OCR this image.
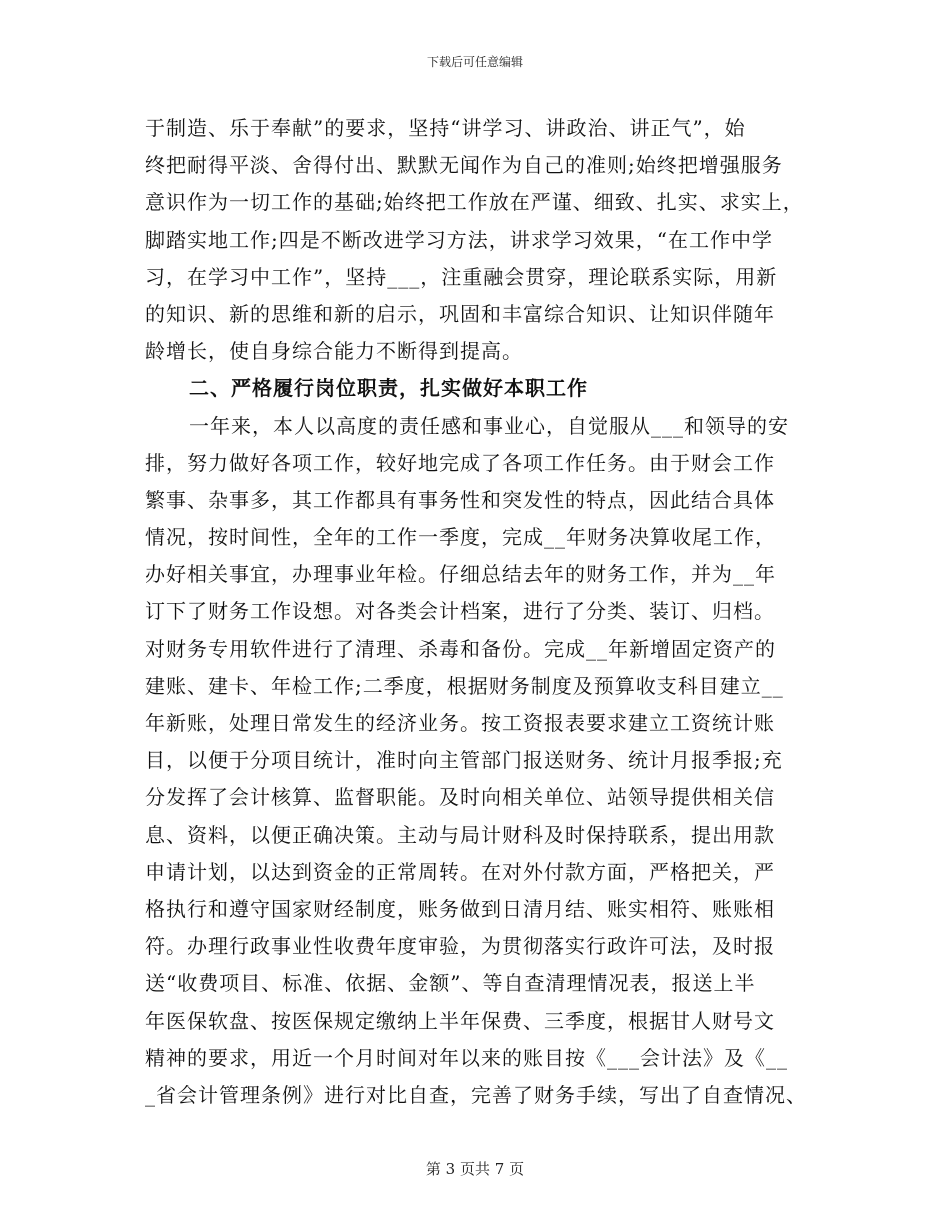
下载后可任意编辑
于制造、乐于奉献”的要求，坚持“讲学习、讲政治、讲正气”，始
终把耐得平淡、舍得付出、默默无闻作为自己的准则;始终把增强服务
意识作为一切工作的基础;始终把工作放在严谨、细致、扎实、求实上，
脚踏实地工作;四是不断改进学习方法，讲求学习效果，“在工作中学
习，在学习中工作”，坚持___，注重融会贯穿，理论联系实际，用新
的知识、新的思维和新的启示，巩固和丰富综合知识、让知识伴随年
龄增长，使自身综合能力不断得到提高。
二、严格履行岗位职责，扎实做好本职工作
一年来，本人以高度的责任感和事业心，自觉服从___和领导的安
排，努力做好各项工作，较好地完成了各项工作任务。由于财会工作
繁事、杂事多，其工作都具有事务性和突发性的特点，因此结合具体
情况，按时间性，全年的工作一季度，完成__年财务决算收尾工作，
办好相关事宜，办理事业年检。仔细总结去年的财务工作，并为__年
订下了财务工作设想。对各类会计档案，进行了分类、装订、归档。
对财务专用软件进行了清理、杀毒和备份。完成__年新增固定资产的
建账、建卡、年检工作;二季度，根据财务制度及预算收支科目建立__
年新账，处理日常发生的经济业务。按工资报表要求建立工资统计账
目，以便于分项目统计，准时向主管部门报送财务、统计月报季报;充
分发挥了会计核算、监督职能。及时向相关单位、站领导提供相关信
息、资料，以便正确决策。主动与局计财科及时保持联系，提出用款
申请计划，以达到资金的正常周转。在对外付款方面，严格把关，严
格执行和遵守国家财经制度，账务做到日清月结、账实相符、账账相
符。办理行政事业性收费年度审验，为贯彻落实行政许可法，及时报
送“收费项目、标准、依据、金额”、等自查清理情况表，报送上半
年医保软盘、按医保规定缴纳上半年保费、三季度，根据甘人财号文
精神的要求，用近一个月时间对年以来的账目按《___会计法》及《__
_省会计管理条例》进行对比自查，完善了财务手续，写出了自查情况、
第 3 页共 7 页
